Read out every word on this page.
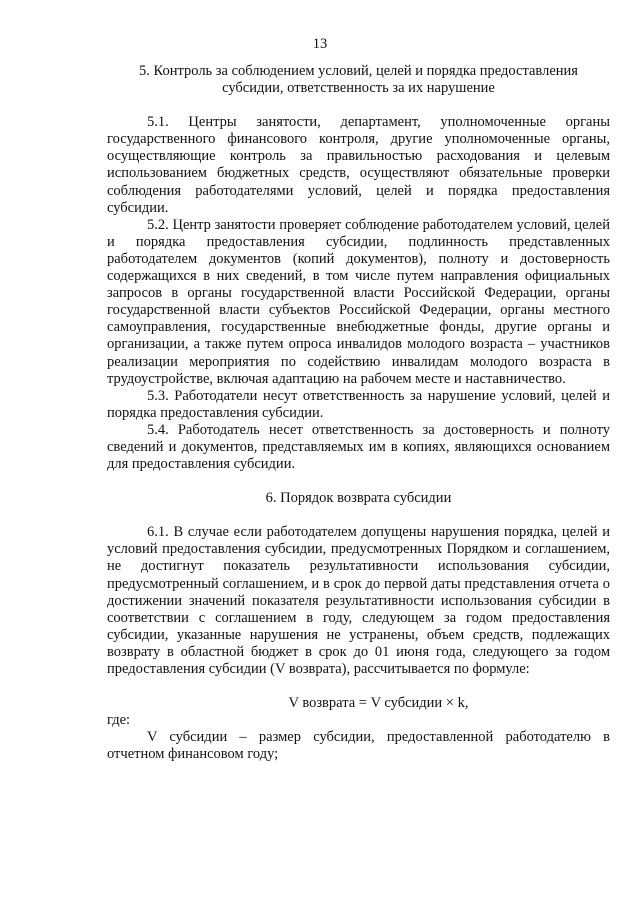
13

5. Контроль за соблюдением условий, целей и порядка предоставления субсидии, ответственность за их нарушение

5.1. Центры занятости, департамент, уполномоченные органы государственного финансового контроля, другие уполномоченные органы, осуществляющие контроль за правильностью расходования и целевым использованием бюджетных средств, осуществляют обязательные проверки соблюдения работодателями условий, целей и порядка предоставления субсидии.

5.2. Центр занятости проверяет соблюдение работодателем условий, целей и порядка предоставления субсидии, подлинность представленных работодателем документов (копий документов), полноту и достоверность содержащихся в них сведений, в том числе путем направления официальных запросов в органы государственной власти Российской Федерации, органы государственной власти субъектов Российской Федерации, органы местного самоуправления, государственные внебюджетные фонды, другие органы и организации, а также путем опроса инвалидов молодого возраста – участников реализации мероприятия по содействию инвалидам молодого возраста в трудоустройстве, включая адаптацию на рабочем месте и наставничество.

5.3. Работодатели несут ответственность за нарушение условий, целей и порядка предоставления субсидии.

5.4. Работодатель несет ответственность за достоверность и полноту сведений и документов, представляемых им в копиях, являющихся основанием для предоставления субсидии.

6. Порядок возврата субсидии

6.1. В случае если работодателем допущены нарушения порядка, целей и условий предоставления субсидии, предусмотренных Порядком и соглашением, не достигнут показатель результативности использования субсидии, предусмотренный соглашением, и в срок до первой даты представления отчета о достижении значений показателя результативности использования субсидии в соответствии с соглашением в году, следующем за годом предоставления субсидии, указанные нарушения не устранены, объем средств, подлежащих возврату в областной бюджет в срок до 01 июня года, следующего за годом предоставления субсидии (V возврата), рассчитывается по формуле:

V возврата = V субсидии × k,

где:

V субсидии – размер субсидии, предоставленной работодателю в отчетном финансовом году;
